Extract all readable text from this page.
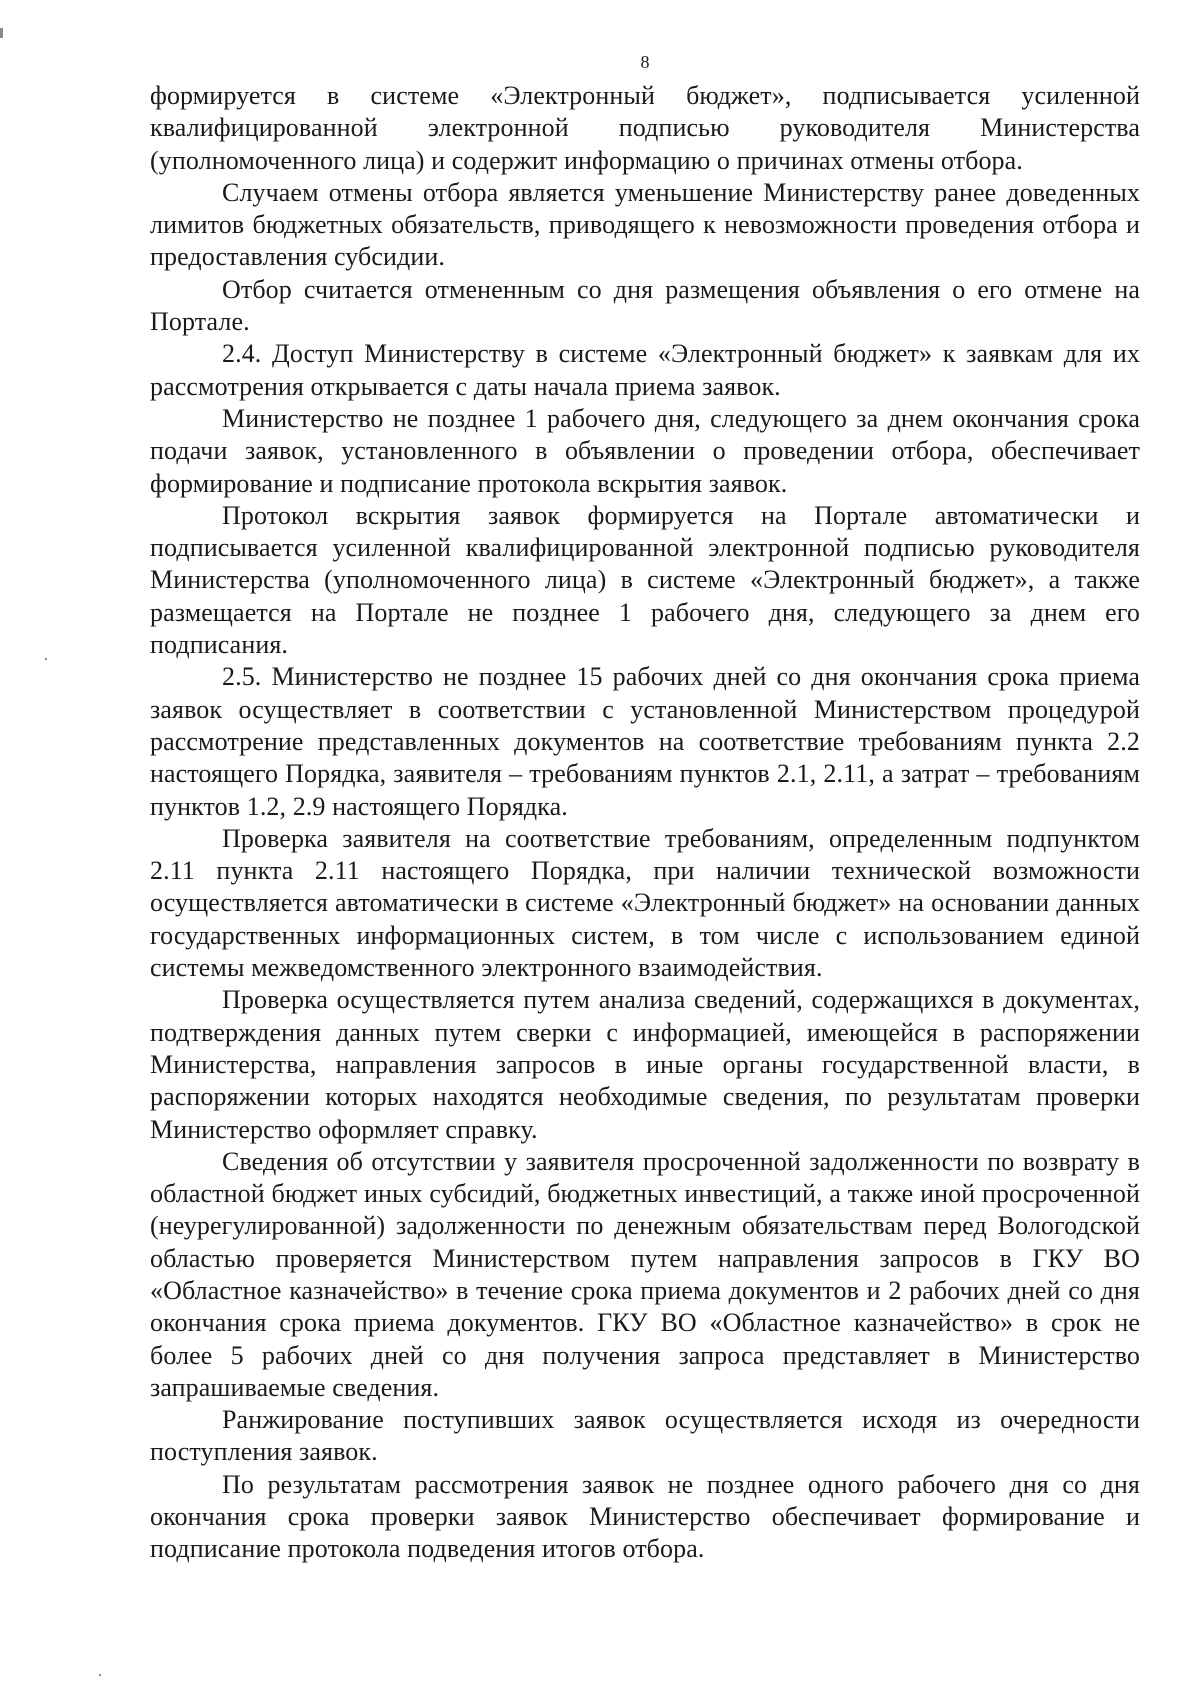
8

формируется в системе «Электронный бюджет», подписывается усиленной квалифицированной электронной подписью руководителя Министерства (уполномоченного лица) и содержит информацию о причинах отмены отбора.

Случаем отмены отбора является уменьшение Министерству ранее доведенных лимитов бюджетных обязательств, приводящего к невозможности проведения отбора и предоставления субсидии.

Отбор считается отмененным со дня размещения объявления о его отмене на Портале.

2.4. Доступ Министерству в системе «Электронный бюджет» к заявкам для их рассмотрения открывается с даты начала приема заявок.

Министерство не позднее 1 рабочего дня, следующего за днем окончания срока подачи заявок, установленного в объявлении о проведении отбора, обеспечивает формирование и подписание протокола вскрытия заявок.

Протокол вскрытия заявок формируется на Портале автоматически и подписывается усиленной квалифицированной электронной подписью руководителя Министерства (уполномоченного лица) в системе «Электронный бюджет», а также размещается на Портале не позднее 1 рабочего дня, следующего за днем его подписания.

2.5. Министерство не позднее 15 рабочих дней со дня окончания срока приема заявок осуществляет в соответствии с установленной Министерством процедурой рассмотрение представленных документов на соответствие требованиям пункта 2.2 настоящего Порядка, заявителя – требованиям пунктов 2.1, 2.11, а затрат – требованиям пунктов 1.2, 2.9 настоящего Порядка.

Проверка заявителя на соответствие требованиям, определенным подпунктом 2.11 пункта 2.11 настоящего Порядка, при наличии технической возможности осуществляется автоматически в системе «Электронный бюджет» на основании данных государственных информационных систем, в том числе с использованием единой системы межведомственного электронного взаимодействия.

Проверка осуществляется путем анализа сведений, содержащихся в документах, подтверждения данных путем сверки с информацией, имеющейся в распоряжении Министерства, направления запросов в иные органы государственной власти, в распоряжении которых находятся необходимые сведения, по результатам проверки Министерство оформляет справку.

Сведения об отсутствии у заявителя просроченной задолженности по возврату в областной бюджет иных субсидий, бюджетных инвестиций, а также иной просроченной (неурегулированной) задолженности по денежным обязательствам перед Вологодской областью проверяется Министерством путем направления запросов в ГКУ ВО «Областное казначейство» в течение срока приема документов и 2 рабочих дней со дня окончания срока приема документов. ГКУ ВО «Областное казначейство» в срок не более 5 рабочих дней со дня получения запроса представляет в Министерство запрашиваемые сведения.

Ранжирование поступивших заявок осуществляется исходя из очередности поступления заявок.

По результатам рассмотрения заявок не позднее одного рабочего дня со дня окончания срока проверки заявок Министерство обеспечивает формирование и подписание протокола подведения итогов отбора.
